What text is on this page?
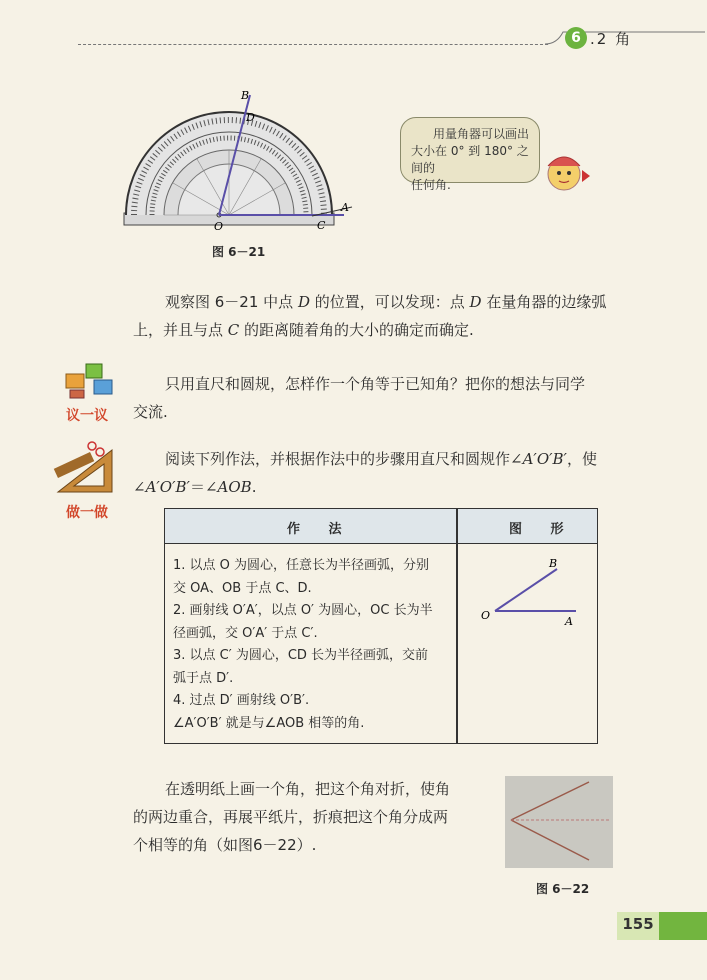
6 .2 角
B
D
A
O	C
图 6－21
用量角器可以画出
大小在 0° 到 180° 之间的
任何角.
观察图 6－21 中点 D 的位置，可以发现：点 D 在量角器的边缘弧
上，并且与点 C 的距离随着角的大小的确定而确定.
议一议
只用直尺和圆规，怎样作一个角等于已知角？把你的想法与同学
交流.
做一做
阅读下列作法，并根据作法中的步骤用直尺和圆规作∠A′O′B′，使
∠A′O′B′＝∠AOB.
作 法	图 形
1. 以点 O 为圆心，任意长为半径画弧，分别
交 OA、OB 于点 C、D.
2. 画射线 O′A′，以点 O′ 为圆心，OC 长为半
径画弧，交 O′A′ 于点 C′.
3. 以点 C′ 为圆心，CD 长为半径画弧，交前
弧于点 D′.
4. 过点 D′ 画射线 O′B′.
∠A′O′B′ 就是与∠AOB 相等的角.
B
O	A
在透明纸上画一个角，把这个角对折，使角
的两边重合，再展平纸片，折痕把这个角分成两
个相等的角（如图6－22）.
图 6－22
155
